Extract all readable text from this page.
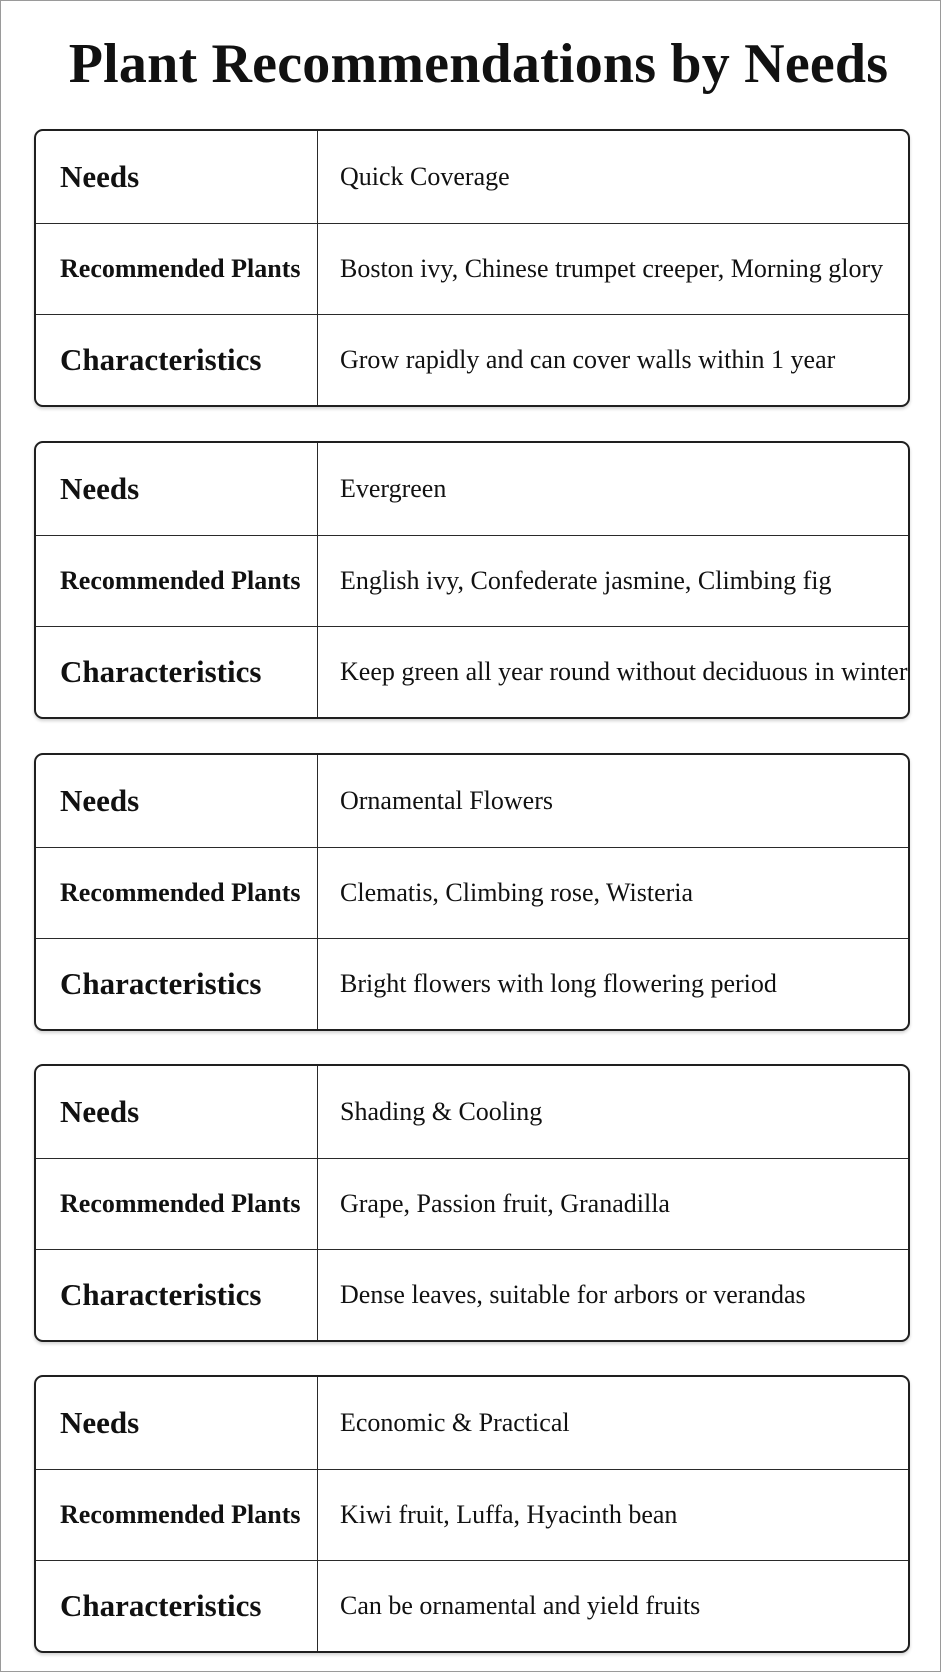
Plant Recommendations by Needs
Needs	Quick Coverage
Recommended Plants	Boston ivy, Chinese trumpet creeper, Morning glory
Characteristics	Grow rapidly and can cover walls within 1 year
Needs	Evergreen
Recommended Plants	English ivy, Confederate jasmine, Climbing fig
Characteristics	Keep green all year round without deciduous in winter
Needs	Ornamental Flowers
Recommended Plants	Clematis, Climbing rose, Wisteria
Characteristics	Bright flowers with long flowering period
Needs	Shading & Cooling
Recommended Plants	Grape, Passion fruit, Granadilla
Characteristics	Dense leaves, suitable for arbors or verandas
Needs	Economic & Practical
Recommended Plants	Kiwi fruit, Luffa, Hyacinth bean
Characteristics	Can be ornamental and yield fruits
